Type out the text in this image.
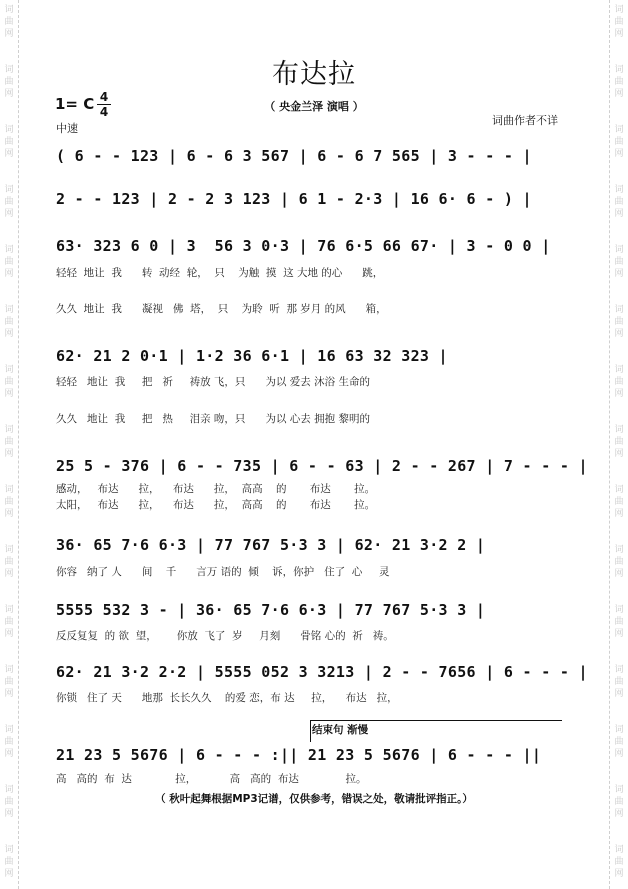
词
曲
网
词
曲
网
词
曲
网
词
曲
网
词
曲
网
词
曲
网
词
曲
网
词
曲
网
词
曲
网
词
曲
网
词
曲
网
词
曲
网
词
曲
网
词
曲
网
词
曲
网
词
曲
网
词
曲
网
词
曲
网
词
曲
网
词
曲
网
词
曲
网
词
曲
网
词
曲
网
词
曲
网
词
曲
网
词
曲
网
词
曲
网
词
曲
网
词
曲
网
词
曲
网
布达拉
1= C 4
4
中速
（ 央金兰泽 演唱 ）
词曲作者不详
( 6 - - 123 | 6 - 6 3 567 | 6 - 6 7 565 | 3 - - - |
2 - - 123 | 2 - 2 3 123 | 6 1 - 2·3 | 16 6· 6 - ) |
63· 323 6 0 | 3  56 3 0·3 | 76 6·5 66 67· | 3 - 0 0 |
轻轻  地让  我      转  动经  轮，  只    为触  摸  这 大地 的心      跳，
久久  地让  我      凝视   佛  塔，  只    为聆  听  那 岁月 的风      箱，
62· 21 2 0·1 | 1·2 36 6·1 | 16 63 32 323 |
轻轻   地让  我     把   祈     祷放 飞，只      为以 爱去 沐浴 生命的
久久   地让  我     把   热     泪亲 吻，只      为以 心去 拥抱 黎明的
25 5 - 376 | 6 - - 735 | 6 - - 63 | 2 - - 267 | 7 - - - |
感动，   布达      拉，    布达      拉，  高高    的       布达       拉。
太阳，   布达      拉，    布达      拉，  高高    的       布达       拉。
36· 65 7·6 6·3 | 77 767 5·3 3 | 62· 21 3·2 2 |
你容   纳了 人      间    千      言万 语的  倾    诉，你护   住了  心     灵
5555 532 3 - | 36· 65 7·6 6·3 | 77 767 5·3 3 |
反反复复  的 欲  望，      你放  飞了  岁     月刻      骨铭 心的  祈   祷。
62· 21 3·2 2·2 | 5555 052 3 3213 | 2 - - 7656 | 6 - - - |
你锁   住了 天      地那  长长久久    的爱 恋，布 达     拉，    布达   拉，
结束句 渐慢
21 23 5 5676 | 6 - - - :|| 21 23 5 5676 | 6 - - - ||
高   高的  布  达             拉，          高   高的  布达              拉。
（ 秋叶起舞根据MP3记谱，仅供参考，错误之处，敬请批评指正。）
